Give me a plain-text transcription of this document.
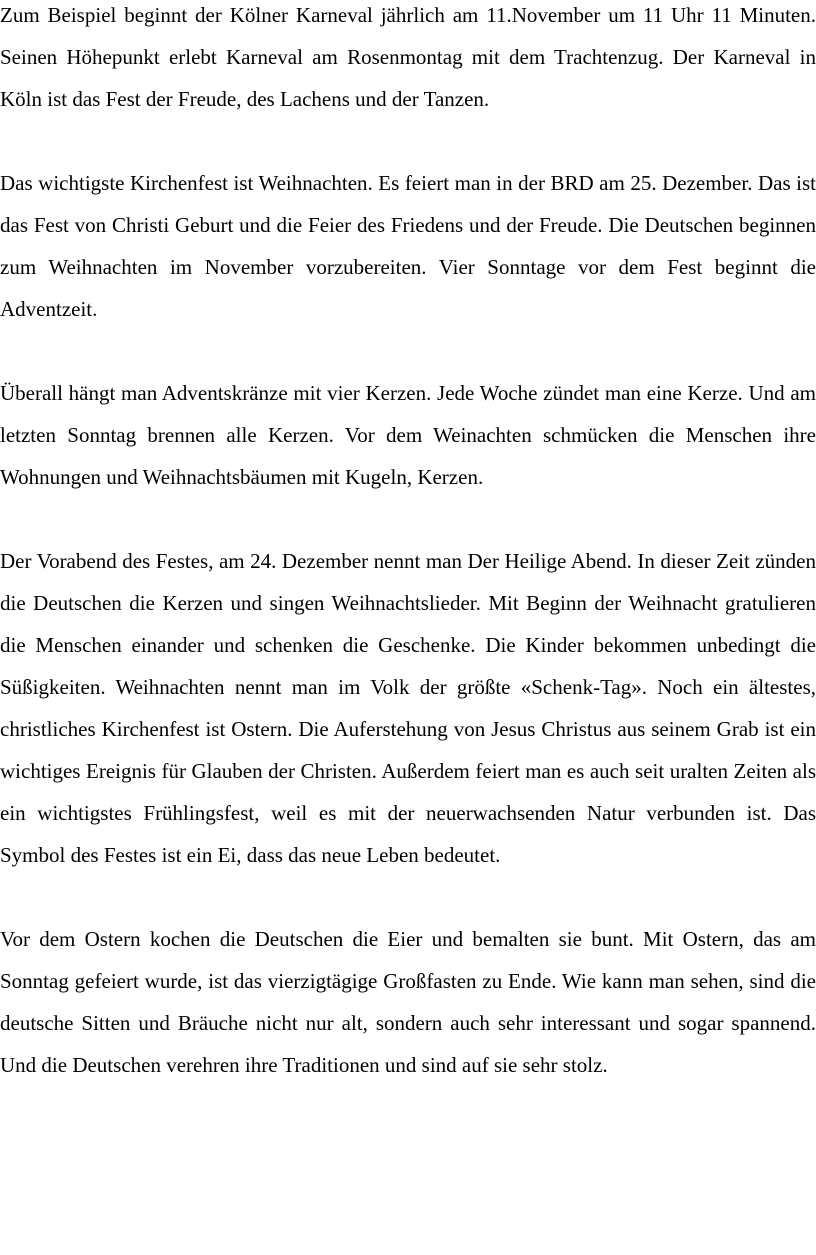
Zum Beispiel beginnt der Kölner Karneval jährlich am 11.November um 11 Uhr 11 Minuten. Seinen Höhepunkt erlebt Karneval am Rosenmontag mit dem Trachtenzug. Der Karneval in Köln ist das Fest der Freude, des Lachens und der Tanzen.

Das wichtigste Kirchenfest ist Weihnachten. Es feiert man in der BRD am 25. Dezember. Das ist das Fest von Christi Geburt und die Feier des Friedens und der Freude. Die Deutschen beginnen zum Weihnachten im November vorzubereiten. Vier Sonntage vor dem Fest beginnt die Adventzeit.

Überall hängt man Adventskränze mit vier Kerzen. Jede Woche zündet man eine Kerze. Und am letzten Sonntag brennen alle Kerzen. Vor dem Weinachten schmücken die Menschen ihre Wohnungen und Weihnachtsbäumen mit Kugeln, Kerzen.

Der Vorabend des Festes, am 24. Dezember nennt man Der Heilige Abend. In dieser Zeit zünden die Deutschen die Kerzen und singen Weihnachtslieder. Mit Beginn der Weihnacht gratulieren die Menschen einander und schenken die Geschenke. Die Kinder bekommen unbedingt die Süßigkeiten. Weihnachten nennt man im Volk der größte «Schenk-Tag». Noch ein ältestes, christliches Kirchenfest ist Ostern. Die Auferstehung von Jesus Christus aus seinem Grab ist ein wichtiges Ereignis für Glauben der Christen. Außerdem feiert man es auch seit uralten Zeiten als ein wichtigstes Frühlingsfest, weil es mit der neuerwachsenden Natur verbunden ist. Das Symbol des Festes ist ein Ei, dass das neue Leben bedeutet.

Vor dem Ostern kochen die Deutschen die Eier und bemalten sie bunt. Mit Ostern, das am Sonntag gefeiert wurde, ist das vierzigtägige Großfasten zu Ende. Wie kann man sehen, sind die deutsche Sitten und Bräuche nicht nur alt, sondern auch sehr interessant und sogar spannend. Und die Deutschen verehren ihre Traditionen und sind auf sie sehr stolz.
